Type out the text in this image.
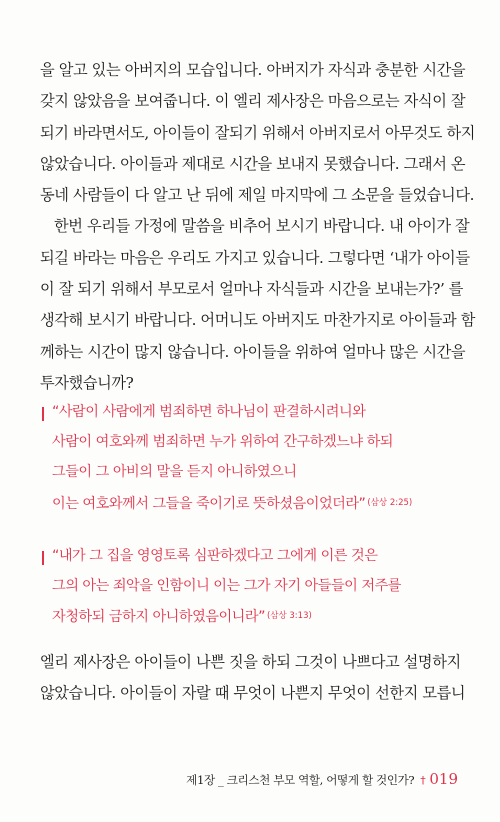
을 알고 있는 아버지의 모습입니다. 아버지가 자식과 충분한 시간을
갖지 않았음을 보여줍니다. 이 엘리 제사장은 마음으로는 자식이 잘
되기 바라면서도, 아이들이 잘되기 위해서 아버지로서 아무것도 하지
않았습니다. 아이들과 제대로 시간을 보내지 못했습니다. 그래서 온
동네 사람들이 다 알고 난 뒤에 제일 마지막에 그 소문을 들었습니다.
한번 우리들 가정에 말씀을 비추어 보시기 바랍니다. 내 아이가 잘
되길 바라는 마음은 우리도 가지고 있습니다. 그렇다면 ‘내가 아이들
이 잘 되기 위해서 부모로서 얼마나 자식들과 시간을 보내는가?’ 를
생각해 보시기 바랍니다. 어머니도 아버지도 마찬가지로 아이들과 함
께하는 시간이 많지 않습니다. 아이들을 위하여 얼마나 많은 시간을
투자했습니까?
“사람이 사람에게 범죄하면 하나님이 판결하시려니와
사람이 여호와께 범죄하면 누가 위하여 간구하겠느냐 하되
그들이 그 아비의 말을 듣지 아니하였으니
이는 여호와께서 그들을 죽이기로 뜻하셨음이었더라” $^{(삼상 2:25)}$
“내가 그 집을 영영토록 심판하겠다고 그에게 이른 것은
그의 아는 죄악을 인함이니 이는 그가 자기 아들들이 저주를
자청하되 금하지 아니하였음이니라” $^{(삼상 3:13)}$
엘리 제사장은 아이들이 나쁜 짓을 하되 그것이 나쁘다고 설명하지
않았습니다. 아이들이 자랄 때 무엇이 나쁜지 무엇이 선한지 모릅니
제1장 _ 크리스천 부모 역할, 어떻게 할 것인가? † 019
